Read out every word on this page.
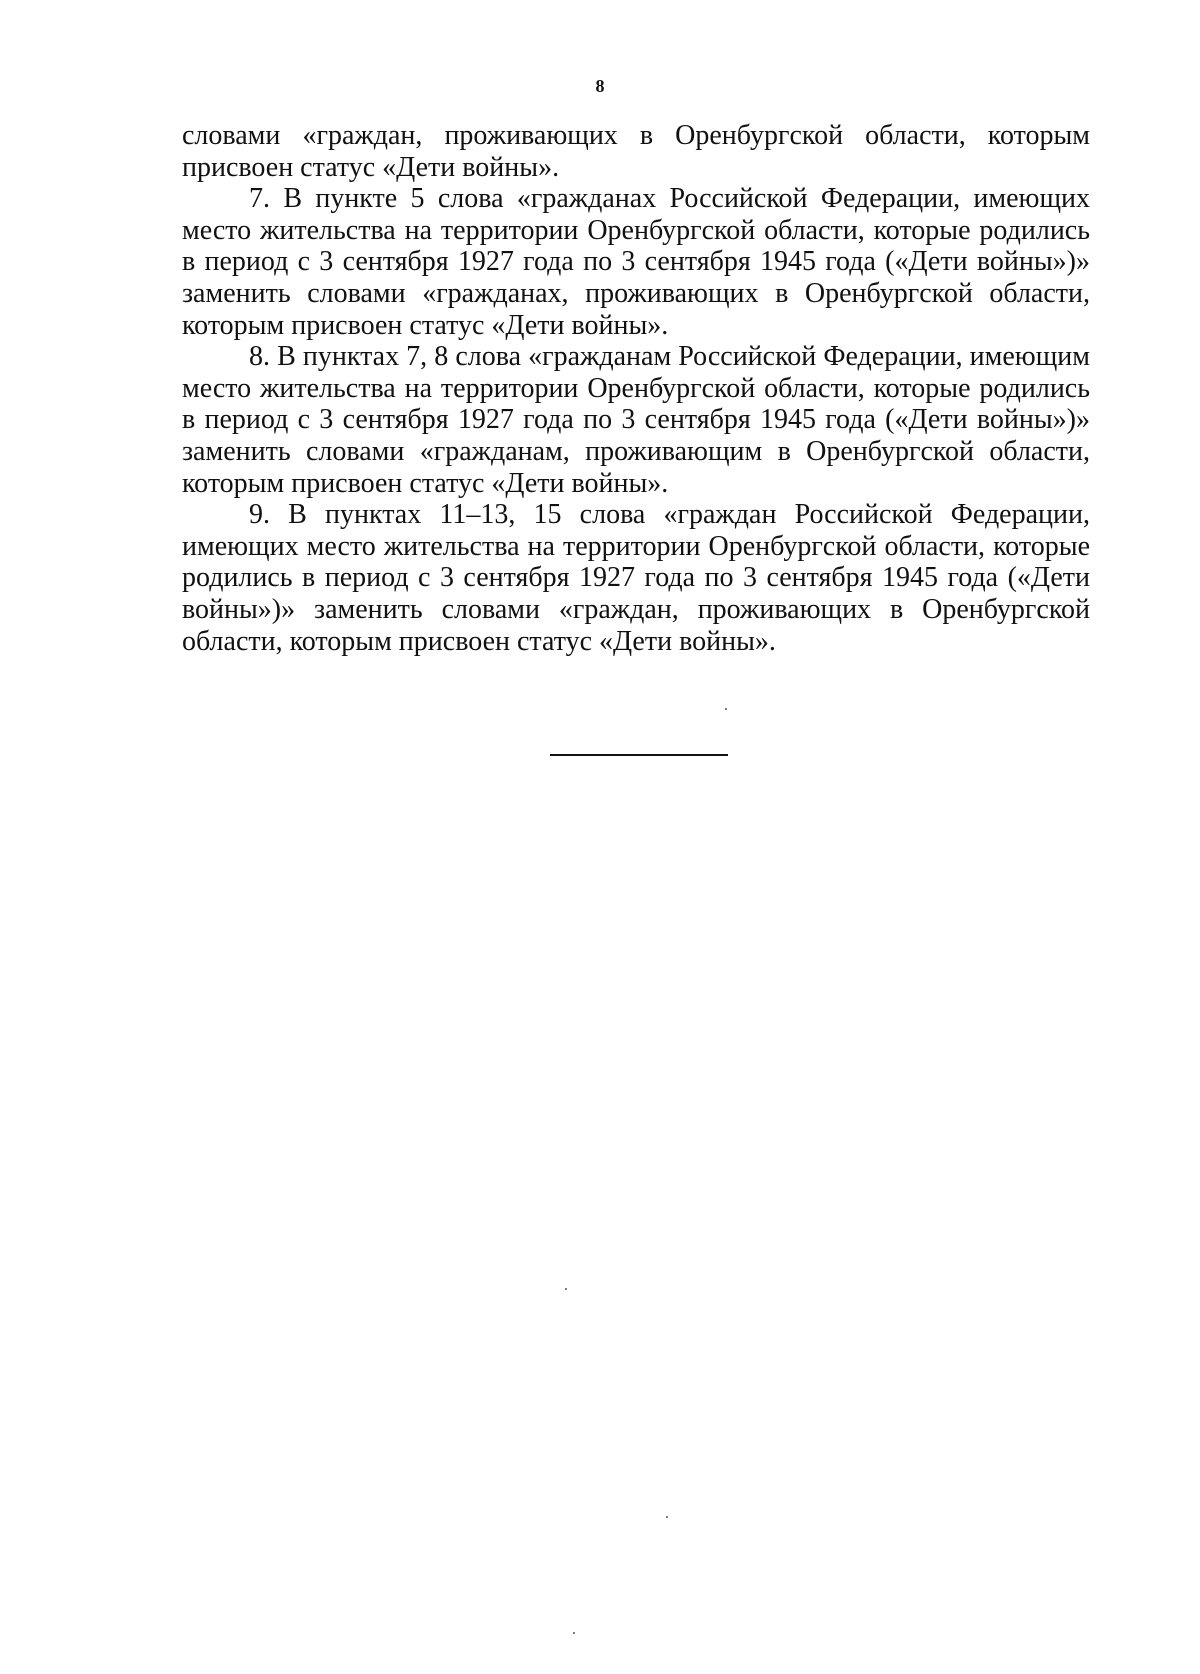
8

словами «граждан, проживающих в Оренбургской области, которым присвоен статус «Дети войны».

7. В пункте 5 слова «гражданах Российской Федерации, имеющих место жительства на территории Оренбургской области, которые родились в период с 3 сентября 1927 года по 3 сентября 1945 года («Дети войны»)» заменить словами «гражданах, проживающих в Оренбургской области, которым присвоен статус «Дети войны».

8. В пунктах 7, 8 слова «гражданам Российской Федерации, имеющим место жительства на территории Оренбургской области, которые родились в период с 3 сентября 1927 года по 3 сентября 1945 года («Дети войны»)» заменить словами «гражданам, проживающим в Оренбургской области, которым присвоен статус «Дети войны».

9. В пунктах 11–13, 15 слова «граждан Российской Федерации, имеющих место жительства на территории Оренбургской области, которые родились в период с 3 сентября 1927 года по 3 сентября 1945 года («Дети войны»)» заменить словами «граждан, проживающих в Оренбургской области, которым присвоен статус «Дети войны».
